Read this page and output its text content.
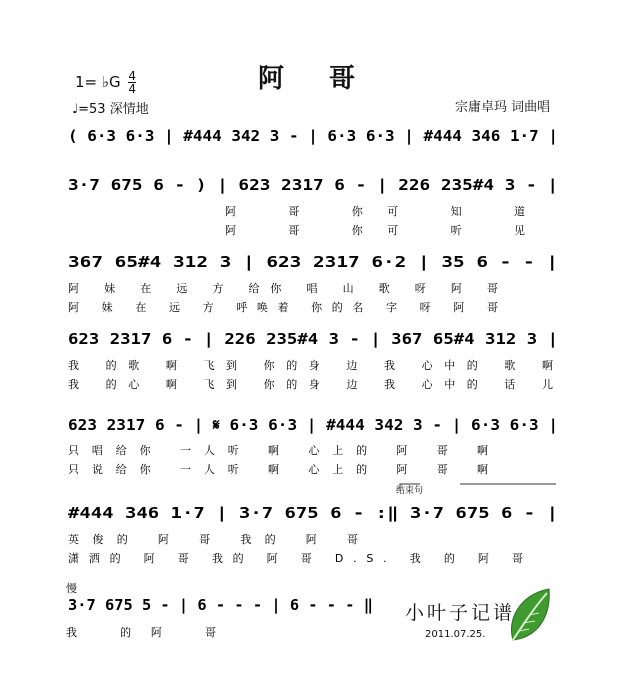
阿 哥
1= ♭G $\frac{4}{4}$
♩=53 深情地	宗庸卓玛 词曲唱
( 6·3 6·3 | #444 342 3 - | 6·3 6·3 | #444 346 1·7 |
3·7 675 6 - ) | 623 2317 6 - | 226 235#4 3 - |
阿 哥 你可 知 道
阿 哥 你可 听 见
367 65#4 312 3 | 623 2317 6·2 | 35 6 - - |
阿 妹 在 远 方 给你 唱 山 歌 呀 阿 哥
阿 妹 在 远 方 呼唤着 你的名 字 呀 阿 哥
623 2317 6 - | 226 235#4 3 - | 367 65#4 312 3 |
我 的歌 啊 飞到 你的身 边 我 心中的 歌 啊
我 的心 啊 飞到 你的身 边 我 心中的 话 儿
623 2317 6 - | 𝄋 6·3 6·3 | #444 342 3 - | 6·3 6·3 |
只唱给你 一人听 啊 心上的 阿 哥 啊
只说给你 一人听 啊 心上的 阿 哥 啊
#444 346 1·7 | 3·7 675 6 - :‖ 3·7 675 6 - |
英俊的 阿 哥 我的 阿 哥
潇洒的 阿 哥 我的 阿 哥 D.S. 我 的 阿 哥
3·7 675 5 - | 6 - - - | 6 - - - ‖
我 的阿 哥
结束句
慢
小叶子记谱
2011.07.25.
